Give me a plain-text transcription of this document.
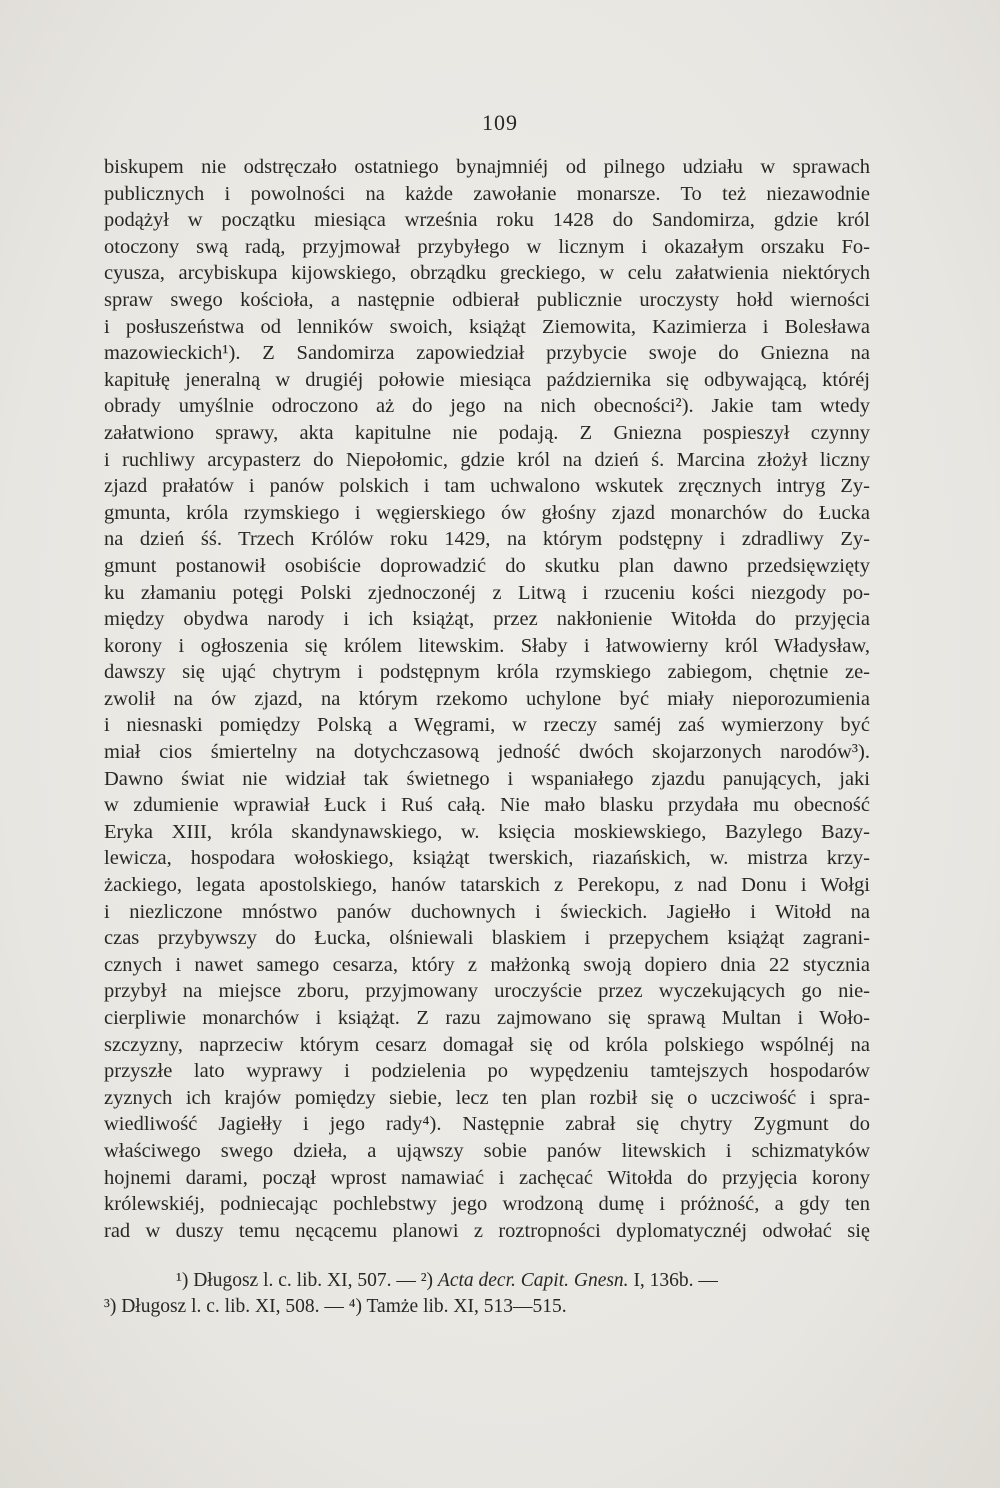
109
biskupem nie odstręczało ostatniego bynajmniéj od pilnego udziału w sprawach
publicznych i powolności na każde zawołanie monarsze. To też niezawodnie
podążył w początku miesiąca września roku 1428 do Sandomirza, gdzie król
otoczony swą radą, przyjmował przybyłego w licznym i okazałym orszaku Fo-
cyusza, arcybiskupa kijowskiego, obrządku greckiego, w celu załatwienia niektórych
spraw swego kościoła, a następnie odbierał publicznie uroczysty hołd wierności
i posłuszeństwa od lenników swoich, książąt Ziemowita, Kazimierza i Bolesława
mazowieckich¹). Z Sandomirza zapowiedział przybycie swoje do Gniezna na
kapitułę jeneralną w drugiéj połowie miesiąca października się odbywającą, któréj
obrady umyślnie odroczono aż do jego na nich obecności²). Jakie tam wtedy
załatwiono sprawy, akta kapitulne nie podają. Z Gniezna pospieszył czynny
i ruchliwy arcypasterz do Niepołomic, gdzie król na dzień ś. Marcina złożył liczny
zjazd prałatów i panów polskich i tam uchwalono wskutek zręcznych intryg Zy-
gmunta, króla rzymskiego i węgierskiego ów głośny zjazd monarchów do Łucka
na dzień śś. Trzech Królów roku 1429, na którym podstępny i zdradliwy Zy-
gmunt postanowił osobiście doprowadzić do skutku plan dawno przedsięwzięty
ku złamaniu potęgi Polski zjednoczonéj z Litwą i rzuceniu kości niezgody po-
między obydwa narody i ich książąt, przez nakłonienie Witołda do przyjęcia
korony i ogłoszenia się królem litewskim. Słaby i łatwowierny król Władysław,
dawszy się ująć chytrym i podstępnym króla rzymskiego zabiegom, chętnie ze-
zwolił na ów zjazd, na którym rzekomo uchylone być miały nieporozumienia
i niesnaski pomiędzy Polską a Węgrami, w rzeczy saméj zaś wymierzony być
miał cios śmiertelny na dotychczasową jedność dwóch skojarzonych narodów³).
Dawno świat nie widział tak świetnego i wspaniałego zjazdu panujących, jaki
w zdumienie wprawiał Łuck i Ruś całą. Nie mało blasku przydała mu obecność
Eryka XIII, króla skandynawskiego, w. księcia moskiewskiego, Bazylego Bazy-
lewicza, hospodara wołoskiego, książąt twerskich, riazańskich, w. mistrza krzy-
żackiego, legata apostolskiego, hanów tatarskich z Perekopu, z nad Donu i Wołgi
i niezliczone mnóstwo panów duchownych i świeckich. Jagiełło i Witołd na
czas przybywszy do Łucka, olśniewali blaskiem i przepychem książąt zagrani-
cznych i nawet samego cesarza, który z małżonką swoją dopiero dnia 22 stycznia
przybył na miejsce zboru, przyjmowany uroczyście przez wyczekujących go nie-
cierpliwie monarchów i książąt. Z razu zajmowano się sprawą Multan i Woło-
szczyzny, naprzeciw którym cesarz domagał się od króla polskiego wspólnéj na
przyszłe lato wyprawy i podzielenia po wypędzeniu tamtejszych hospodarów
zyznych ich krajów pomiędzy siebie, lecz ten plan rozbił się o uczciwość i spra-
wiedliwość Jagiełły i jego rady⁴). Następnie zabrał się chytry Zygmunt do
właściwego swego dzieła, a ująwszy sobie panów litewskich i schizmatyków
hojnemi darami, począł wprost namawiać i zachęcać Witołda do przyjęcia korony
królewskiéj, podniecając pochlebstwy jego wrodzoną dumę i próżność, a gdy ten
rad w duszy temu nęcącemu planowi z roztropności dyplomatycznéj odwołać się
¹) Długosz l. c. lib. XI, 507. — ²) Acta decr. Capit. Gnesn. I, 136b. —
³) Długosz l. c. lib. XI, 508. — ⁴) Tamże lib. XI, 513—515.
